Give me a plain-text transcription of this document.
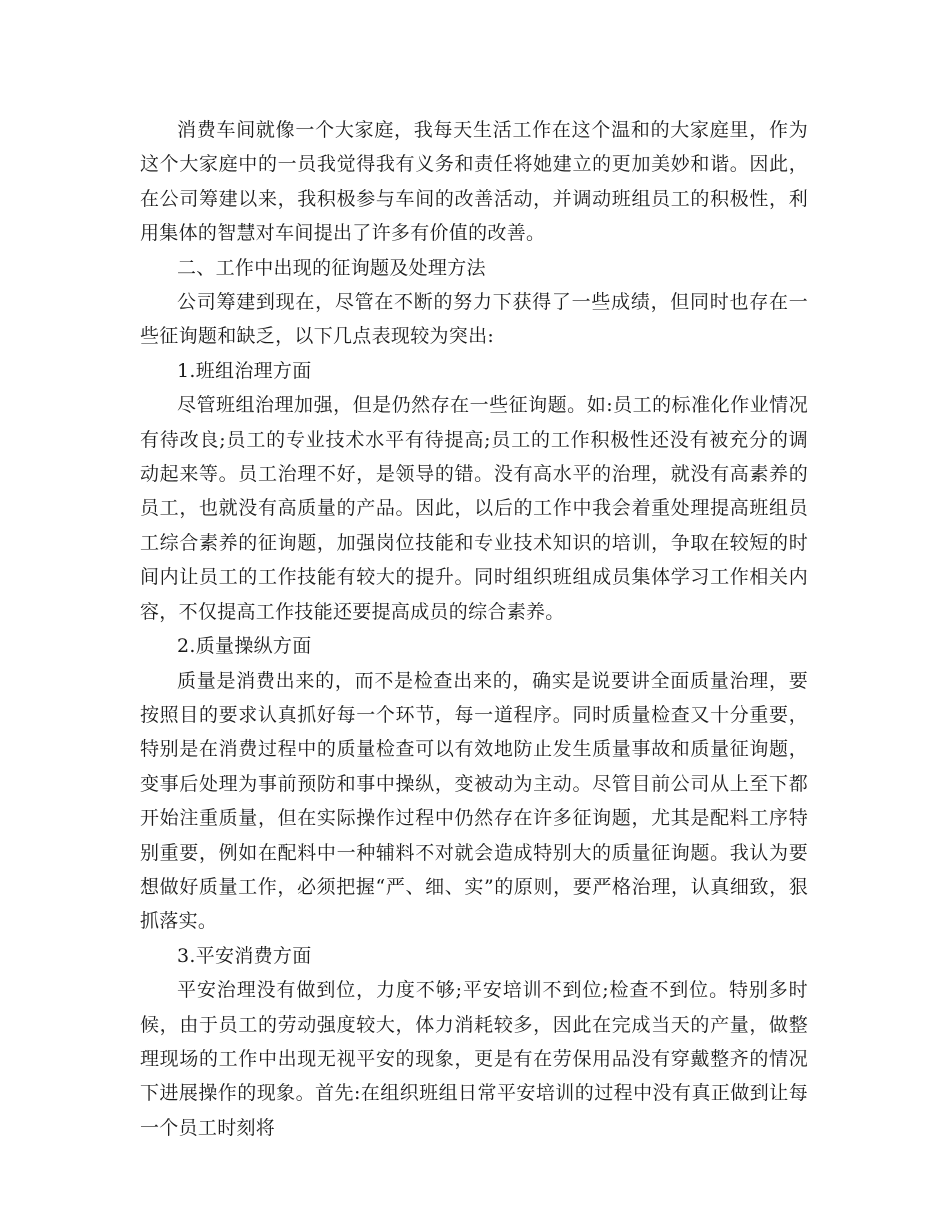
消费车间就像一个大家庭，我每天生活工作在这个温和的大家庭里，作为这个大家庭中的一员我觉得我有义务和责任将她建立的更加美妙和谐。因此，在公司筹建以来，我积极参与车间的改善活动，并调动班组员工的积极性，利用集体的智慧对车间提出了许多有价值的改善。

二、工作中出现的征询题及处理方法

公司筹建到现在，尽管在不断的努力下获得了一些成绩，但同时也存在一些征询题和缺乏，以下几点表现较为突出:

1.班组治理方面

尽管班组治理加强，但是仍然存在一些征询题。如:员工的标准化作业情况有待改良;员工的专业技术水平有待提高;员工的工作积极性还没有被充分的调动起来等。员工治理不好，是领导的错。没有高水平的治理，就没有高素养的员工，也就没有高质量的产品。因此，以后的工作中我会着重处理提高班组员工综合素养的征询题，加强岗位技能和专业技术知识的培训，争取在较短的时间内让员工的工作技能有较大的提升。同时组织班组成员集体学习工作相关内容，不仅提高工作技能还要提高成员的综合素养。

2.质量操纵方面

质量是消费出来的，而不是检查出来的，确实是说要讲全面质量治理，要按照目的要求认真抓好每一个环节，每一道程序。同时质量检查又十分重要，特别是在消费过程中的质量检查可以有效地防止发生质量事故和质量征询题，变事后处理为事前预防和事中操纵，变被动为主动。尽管目前公司从上至下都开始注重质量，但在实际操作过程中仍然存在许多征询题，尤其是配料工序特别重要，例如在配料中一种辅料不对就会造成特别大的质量征询题。我认为要想做好质量工作，必须把握“严、细、实”的原则，要严格治理，认真细致，狠抓落实。

3.平安消费方面

平安治理没有做到位，力度不够;平安培训不到位;检查不到位。特别多时候，由于员工的劳动强度较大，体力消耗较多，因此在完成当天的产量，做整理现场的工作中出现无视平安的现象，更是有在劳保用品没有穿戴整齐的情况下进展操作的现象。首先:在组织班组日常平安培训的过程中没有真正做到让每一个员工时刻将
